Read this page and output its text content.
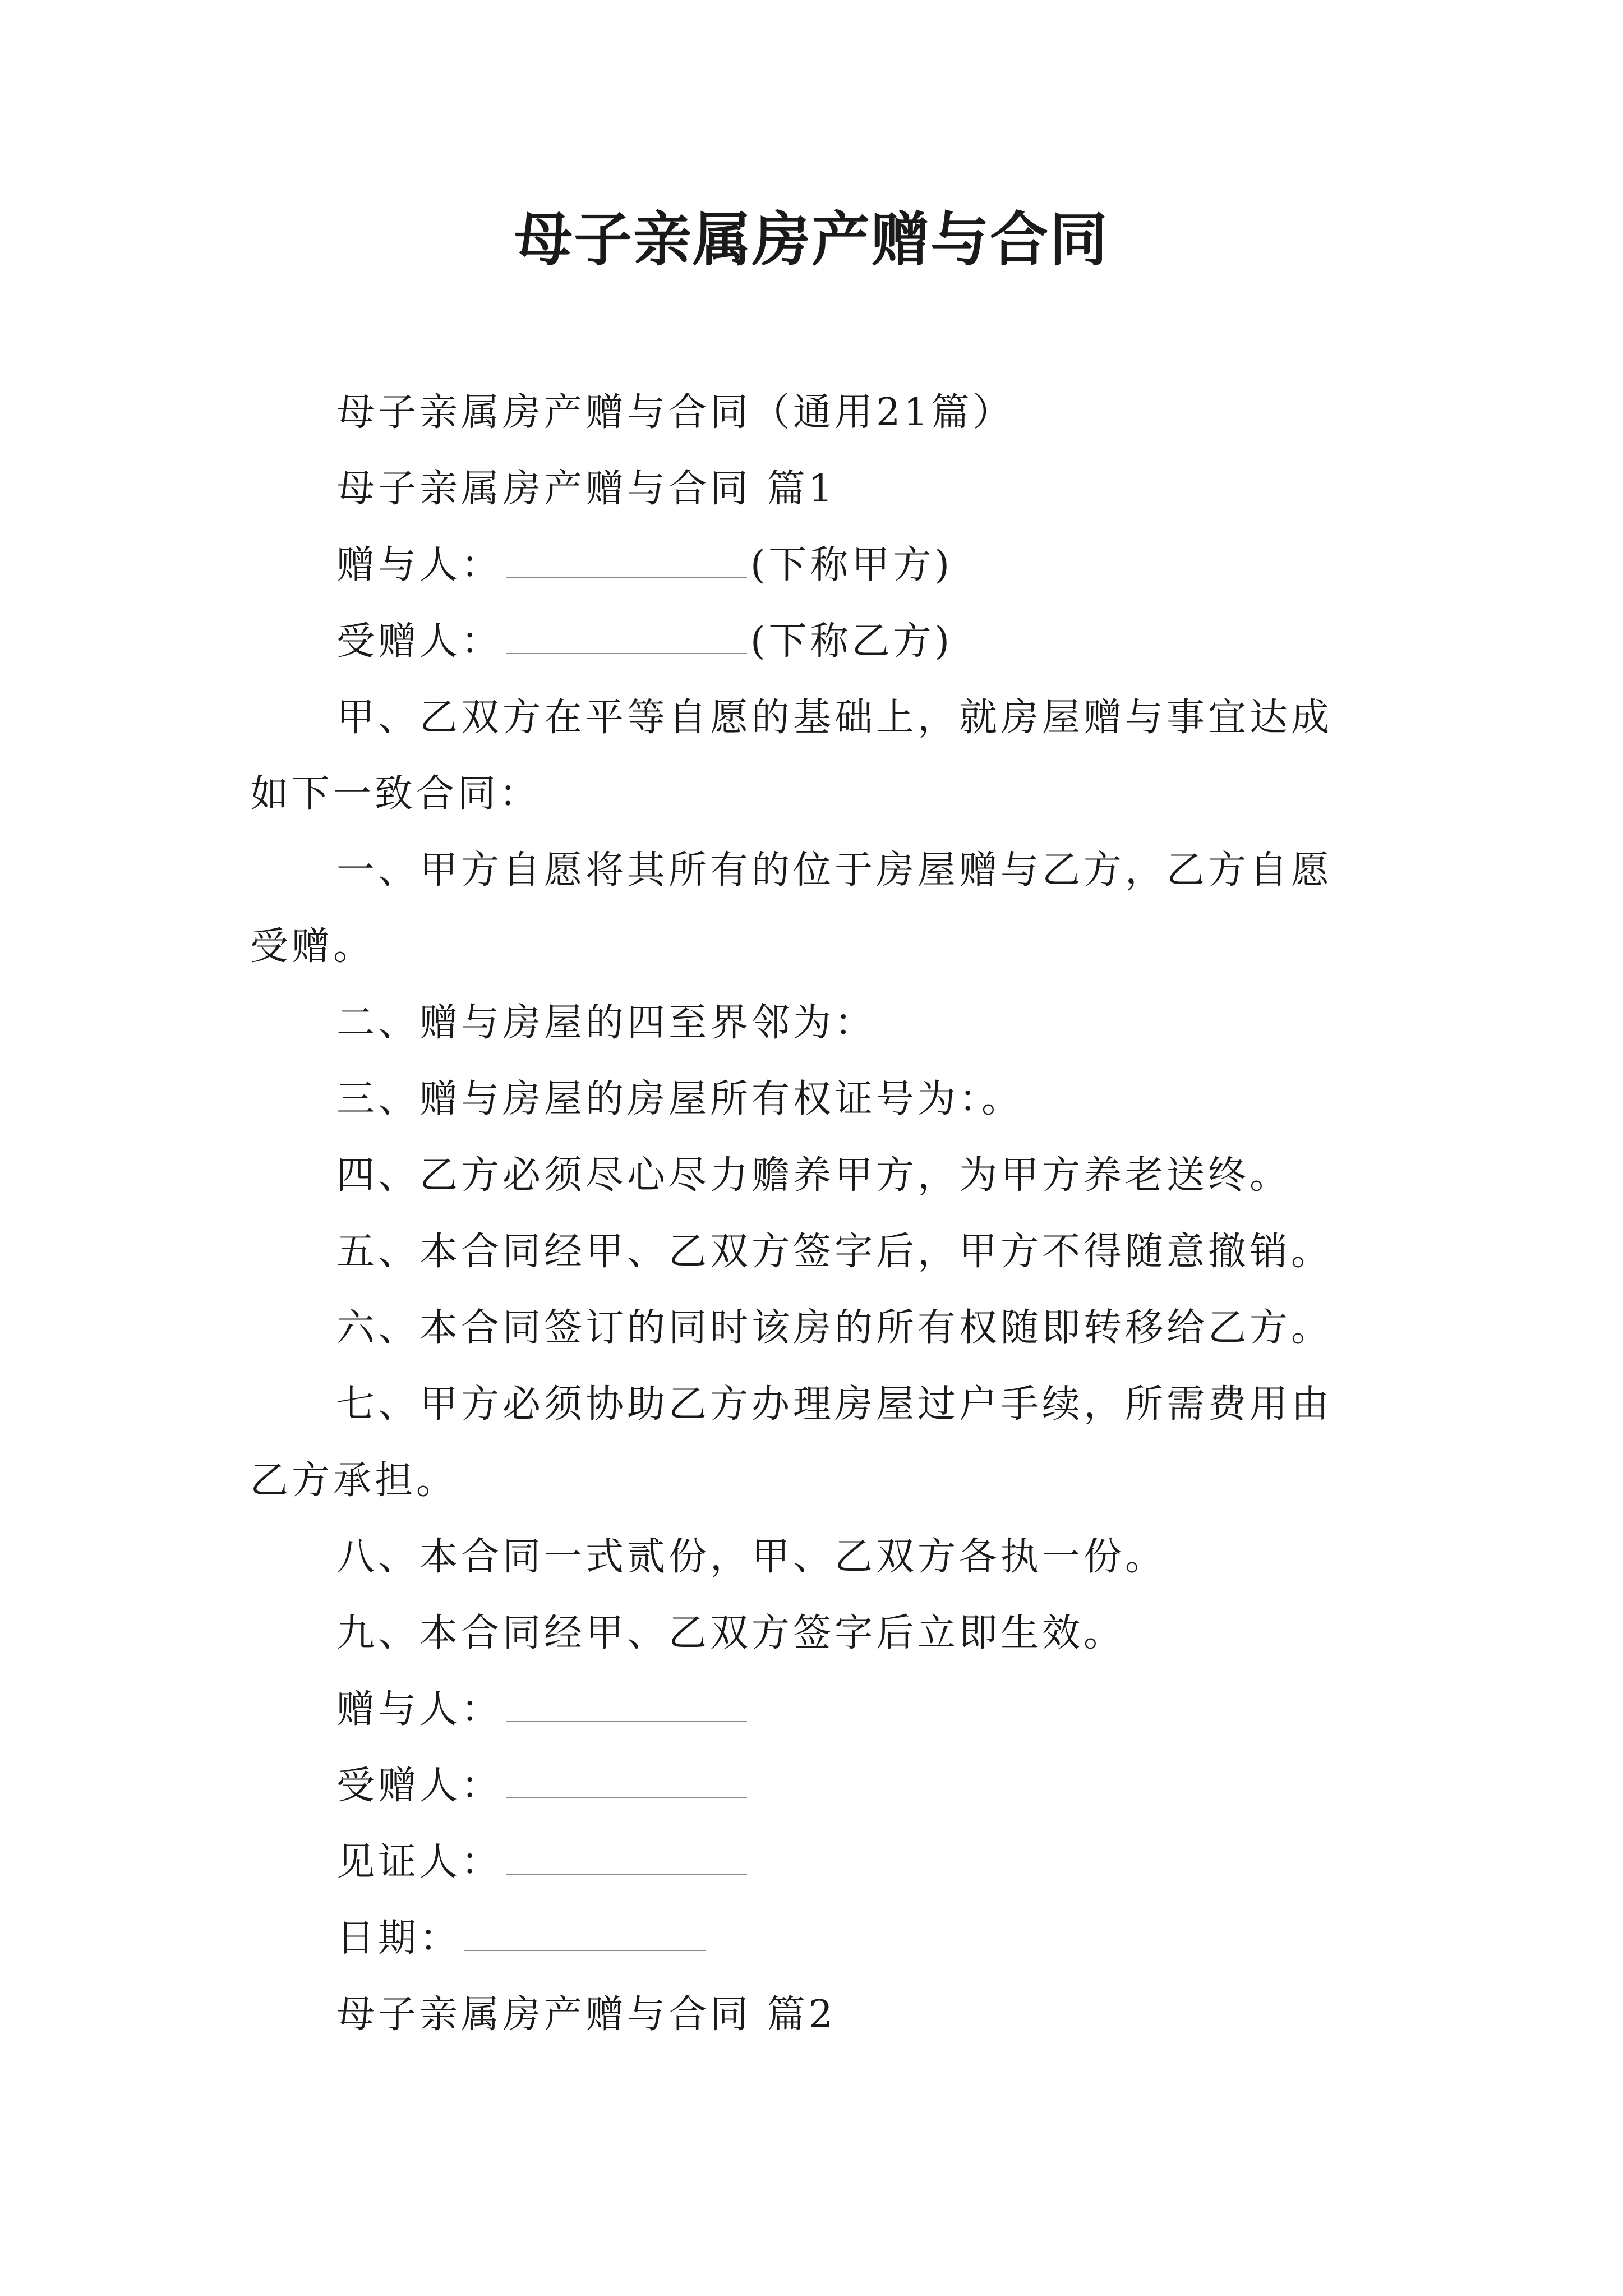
母子亲属房产赠与合同

母子亲属房产赠与合同（通用21篇）

母子亲属房产赠与合同 篇1

赠与人：	(下称甲方)

受赠人：	(下称乙方)

甲、乙双方在平等自愿的基础上，就房屋赠与事宜达成

如下一致合同：

一、甲方自愿将其所有的位于房屋赠与乙方，乙方自愿

受赠。

二、赠与房屋的四至界邻为：

三、赠与房屋的房屋所有权证号为：。

四、乙方必须尽心尽力赡养甲方，为甲方养老送终。

五、本合同经甲、乙双方签字后，甲方不得随意撤销。

六、本合同签订的同时该房的所有权随即转移给乙方。

七、甲方必须协助乙方办理房屋过户手续，所需费用由

乙方承担。

八、本合同一式贰份，甲、乙双方各执一份。

九、本合同经甲、乙双方签字后立即生效。

赠与人：

受赠人：

见证人：

日期：

母子亲属房产赠与合同 篇2
